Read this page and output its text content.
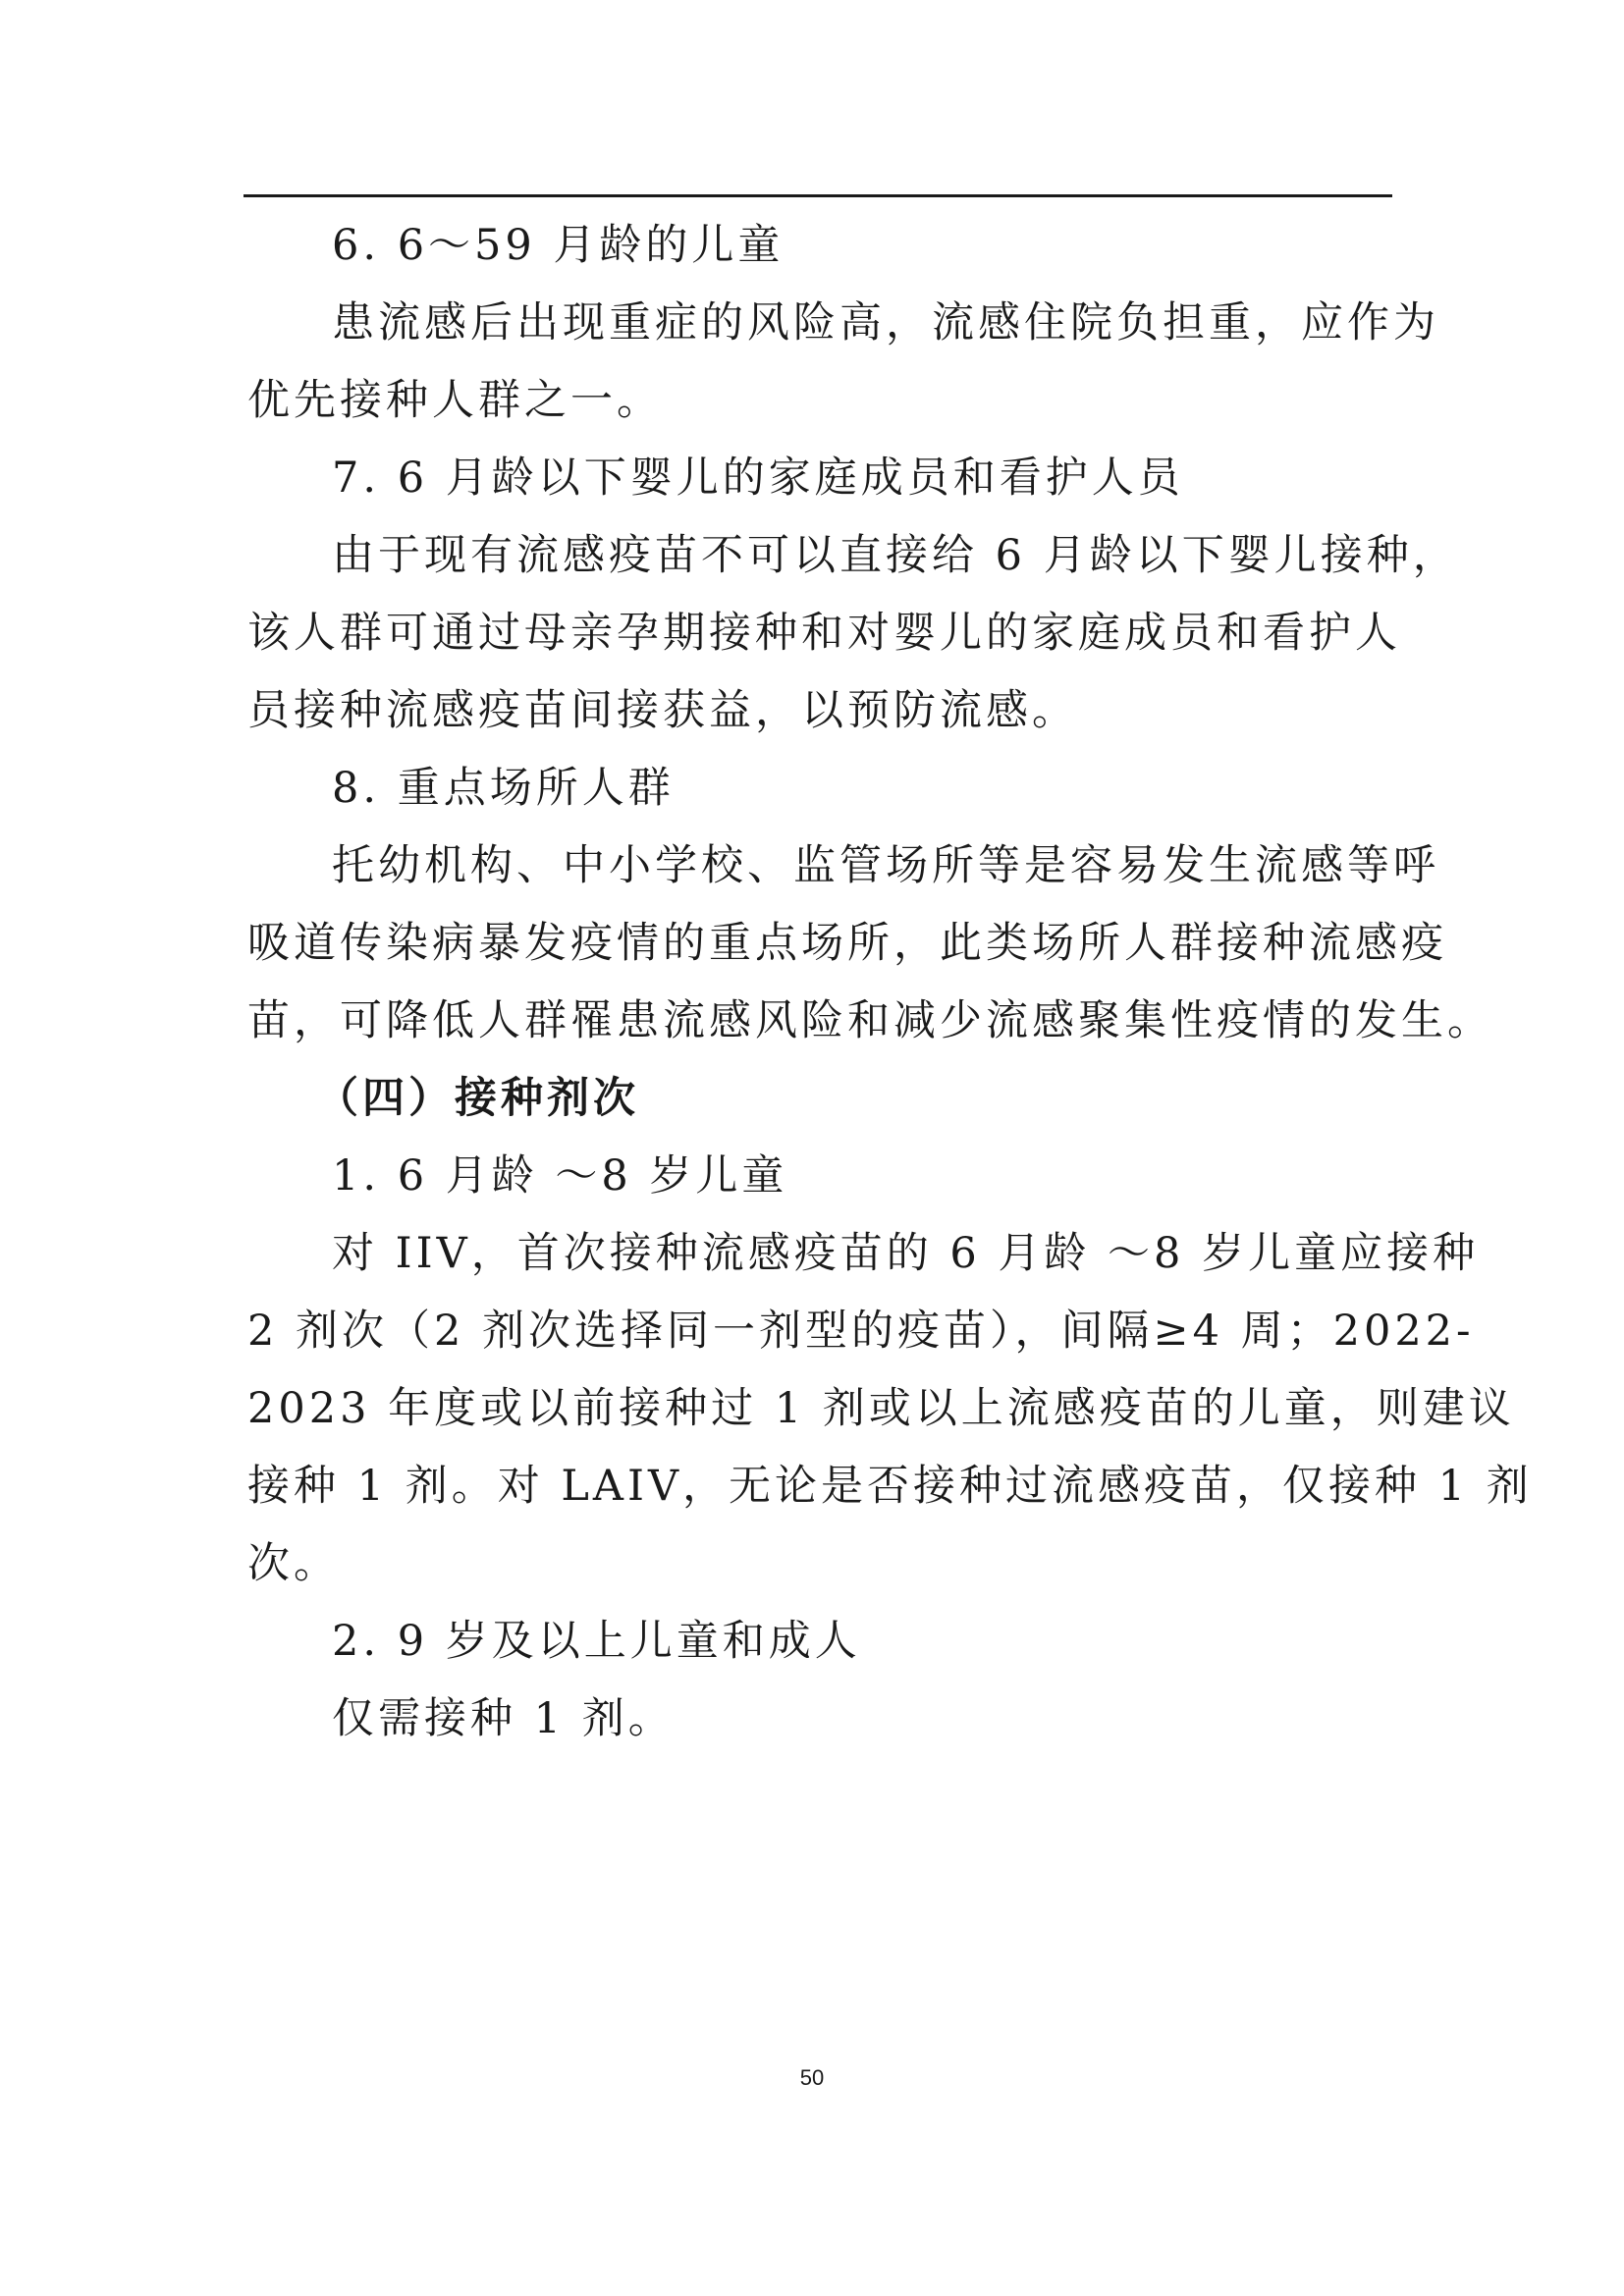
6. 6～59 月龄的儿童
患流感后出现重症的风险高，流感住院负担重，应作为
优先接种人群之一。
7. 6 月龄以下婴儿的家庭成员和看护人员
由于现有流感疫苗不可以直接给 6 月龄以下婴儿接种，
该人群可通过母亲孕期接种和对婴儿的家庭成员和看护人
员接种流感疫苗间接获益，以预防流感。
8. 重点场所人群
托幼机构、中小学校、监管场所等是容易发生流感等呼
吸道传染病暴发疫情的重点场所，此类场所人群接种流感疫
苗，可降低人群罹患流感风险和减少流感聚集性疫情的发生。
（四）接种剂次
1. 6 月龄 ～8 岁儿童
对 IIV，首次接种流感疫苗的 6 月龄 ～8 岁儿童应接种
2 剂次（2 剂次选择同一剂型的疫苗），间隔≥4 周；2022-
2023 年度或以前接种过 1 剂或以上流感疫苗的儿童，则建议
接种 1 剂。对 LAIV，无论是否接种过流感疫苗，仅接种 1 剂
次。
2. 9 岁及以上儿童和成人
仅需接种 1 剂。
50
